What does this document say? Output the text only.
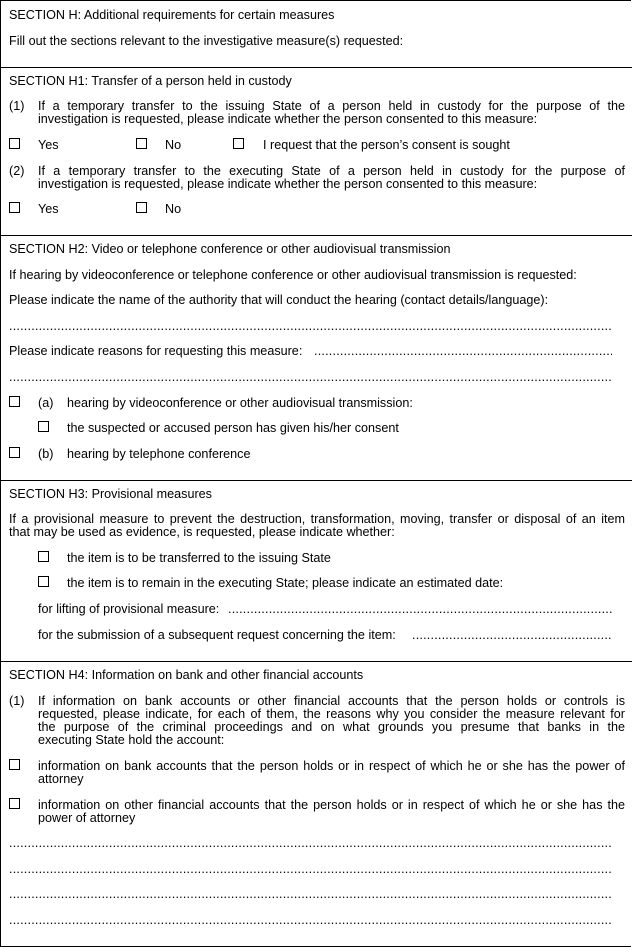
SECTION H: Additional requirements for certain measures
Fill out the sections relevant to the investigative measure(s) requested:
SECTION H1: Transfer of a person held in custody
(1) If a temporary transfer to the issuing State of a person held in custody for the purpose of the
investigation is requested, please indicate whether the person consented to this measure:
Yes	No	I request that the person’s consent is sought
(2) If a temporary transfer to the executing State of a person held in custody for the purpose of
investigation is requested, please indicate whether the person consented to this measure:
Yes	No
SECTION H2: Video or telephone conference or other audiovisual transmission
If hearing by videoconference or telephone conference or other audiovisual transmission is requested:
Please indicate the name of the authority that will conduct the hearing (contact details/language):
.....
Please indicate reasons for requesting this measure:
.....
.....
(a) hearing by videoconference or other audiovisual transmission:
the suspected or accused person has given his/her consent
(b) hearing by telephone conference
SECTION H3: Provisional measures
If a provisional measure to prevent the destruction, transformation, moving, transfer or disposal of an item
that may be used as evidence, is requested, please indicate whether:
the item is to be transferred to the issuing State
the item is to remain in the executing State; please indicate an estimated date:
for lifting of provisional measure:
.....
for the submission of a subsequent request concerning the item:
.....
SECTION H4: Information on bank and other financial accounts
(1) If information on bank accounts or other financial accounts that the person holds or controls is
requested, please indicate, for each of them, the reasons why you consider the measure relevant for
the purpose of the criminal proceedings and on what grounds you presume that banks in the
executing State hold the account:
information on bank accounts that the person holds or in respect of which he or she has the power of
attorney
information on other financial accounts that the person holds or in respect of which he or she has the
power of attorney
.....
.....
.....
.....
